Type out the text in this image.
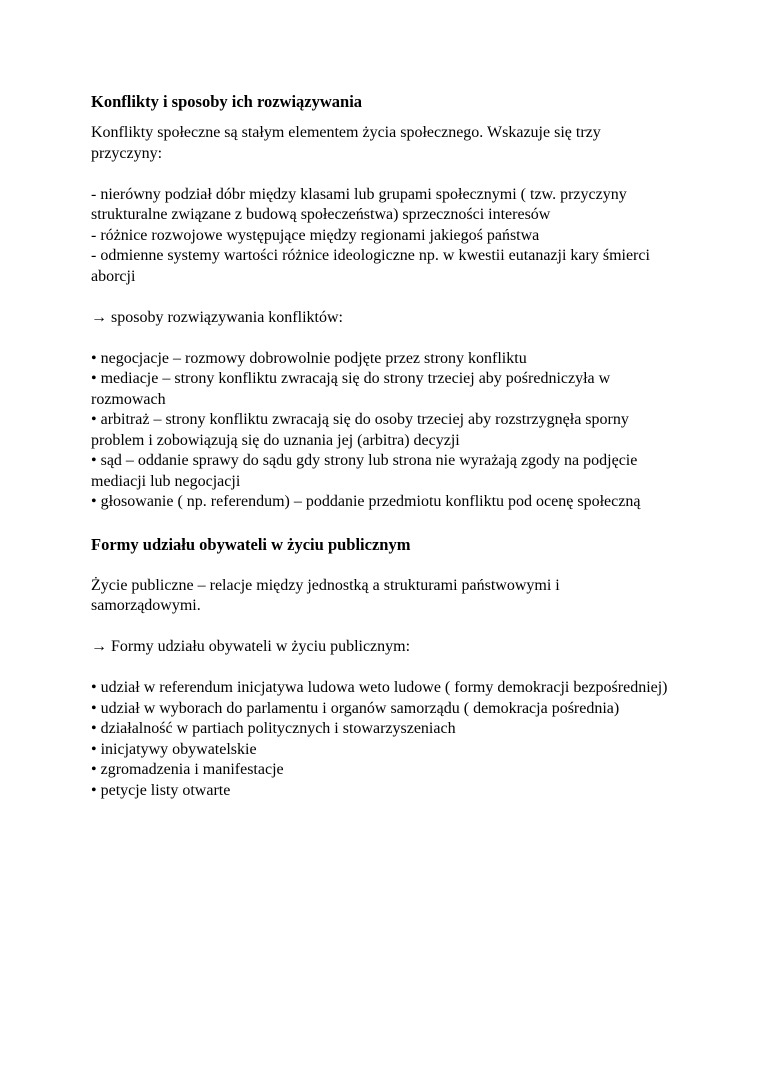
Konflikty i sposoby ich rozwiązywania

Konflikty społeczne są stałym elementem życia społecznego. Wskazuje się trzy przyczyny:

- nierówny podział dóbr między klasami lub grupami społecznymi ( tzw. przyczyny strukturalne związane z budową społeczeństwa) sprzeczności interesów
- różnice rozwojowe występujące między regionami jakiegoś państwa
- odmienne systemy wartości różnice ideologiczne np. w kwestii eutanazji kary śmierci aborcji

→ sposoby rozwiązywania konfliktów:

• negocjacje – rozmowy dobrowolnie podjęte przez strony konfliktu
• mediacje – strony konfliktu zwracają się do strony trzeciej aby pośredniczyła w rozmowach
• arbitraż – strony konfliktu zwracają się do osoby trzeciej aby rozstrzygnęła sporny problem i zobowiązują się do uznania jej (arbitra) decyzji
• sąd – oddanie sprawy do sądu gdy strony lub strona nie wyrażają zgody na podjęcie mediacji lub negocjacji
• głosowanie ( np. referendum) – poddanie przedmiotu konfliktu pod ocenę społeczną
Formy udziału obywateli w życiu publicznym

Życie publiczne – relacje między jednostką a strukturami państwowymi i samorządowymi.

→ Formy udziału obywateli w życiu publicznym:

• udział w referendum inicjatywa ludowa weto ludowe ( formy demokracji bezpośredniej)
• udział w wyborach do parlamentu i organów samorządu ( demokracja pośrednia)
• działalność w partiach politycznych i stowarzyszeniach
• inicjatywy obywatelskie
• zgromadzenia i manifestacje
• petycje listy otwarte
